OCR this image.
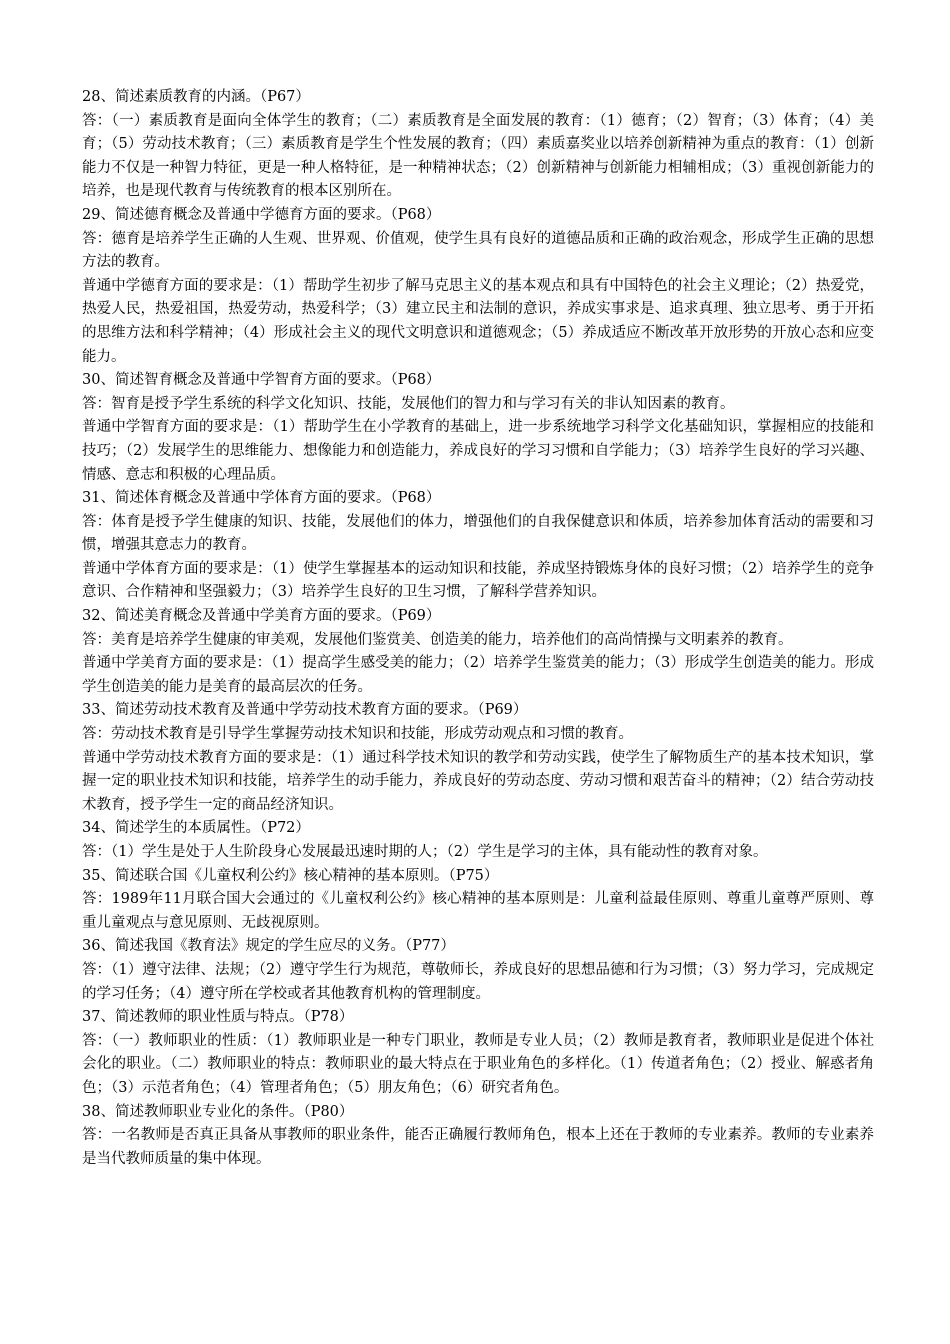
28、简述素质教育的内涵。（P67）

答：（一）素质教育是面向全体学生的教育；（二）素质教育是全面发展的教育：（1）德育；（2）智育；（3）体育；（4）美育；（5）劳动技术教育；（三）素质教育是学生个性发展的教育；（四）素质嘉奖业以培养创新精神为重点的教育：（1）创新能力不仅是一种智力特征，更是一种人格特征，是一种精神状态；（2）创新精神与创新能力相辅相成；（3）重视创新能力的培养，也是现代教育与传统教育的根本区别所在。

29、简述德育概念及普通中学德育方面的要求。（P68）

答：德育是培养学生正确的人生观、世界观、价值观，使学生具有良好的道德品质和正确的政治观念，形成学生正确的思想方法的教育。

普通中学德育方面的要求是：（1）帮助学生初步了解马克思主义的基本观点和具有中国特色的社会主义理论；（2）热爱党，热爱人民，热爱祖国，热爱劳动，热爱科学；（3）建立民主和法制的意识，养成实事求是、追求真理、独立思考、勇于开拓的思维方法和科学精神；（4）形成社会主义的现代文明意识和道德观念；（5）养成适应不断改革开放形势的开放心态和应变能力。

30、简述智育概念及普通中学智育方面的要求。（P68）

答：智育是授予学生系统的科学文化知识、技能，发展他们的智力和与学习有关的非认知因素的教育。

普通中学智育方面的要求是：（1）帮助学生在小学教育的基础上，进一步系统地学习科学文化基础知识，掌握相应的技能和技巧；（2）发展学生的思维能力、想像能力和创造能力，养成良好的学习习惯和自学能力；（3）培养学生良好的学习兴趣、情感、意志和积极的心理品质。

31、简述体育概念及普通中学体育方面的要求。（P68）

答：体育是授予学生健康的知识、技能，发展他们的体力，增强他们的自我保健意识和体质，培养参加体育活动的需要和习惯，增强其意志力的教育。

普通中学体育方面的要求是：（1）使学生掌握基本的运动知识和技能，养成坚持锻炼身体的良好习惯；（2）培养学生的竞争意识、合作精神和坚强毅力；（3）培养学生良好的卫生习惯，了解科学营养知识。

32、简述美育概念及普通中学美育方面的要求。（P69）

答：美育是培养学生健康的审美观，发展他们鉴赏美、创造美的能力，培养他们的高尚情操与文明素养的教育。

普通中学美育方面的要求是：（1）提高学生感受美的能力；（2）培养学生鉴赏美的能力；（3）形成学生创造美的能力。形成学生创造美的能力是美育的最高层次的任务。

33、简述劳动技术教育及普通中学劳动技术教育方面的要求。（P69）

答：劳动技术教育是引导学生掌握劳动技术知识和技能，形成劳动观点和习惯的教育。

普通中学劳动技术教育方面的要求是：（1）通过科学技术知识的教学和劳动实践，使学生了解物质生产的基本技术知识，掌握一定的职业技术知识和技能，培养学生的动手能力，养成良好的劳动态度、劳动习惯和艰苦奋斗的精神；（2）结合劳动技术教育，授予学生一定的商品经济知识。

34、简述学生的本质属性。（P72）

答：（1）学生是处于人生阶段身心发展最迅速时期的人；（2）学生是学习的主体，具有能动性的教育对象。

35、简述联合国《儿童权利公约》核心精神的基本原则。（P75）

答：1989年11月联合国大会通过的《儿童权利公约》核心精神的基本原则是：儿童利益最佳原则、尊重儿童尊严原则、尊重儿童观点与意见原则、无歧视原则。

36、简述我国《教育法》规定的学生应尽的义务。（P77）

答：（1）遵守法律、法规；（2）遵守学生行为规范，尊敬师长，养成良好的思想品德和行为习惯；（3）努力学习，完成规定的学习任务；（4）遵守所在学校或者其他教育机构的管理制度。

37、简述教师的职业性质与特点。（P78）

答：（一）教师职业的性质：（1）教师职业是一种专门职业，教师是专业人员；（2）教师是教育者，教师职业是促进个体社会化的职业。（二）教师职业的特点：教师职业的最大特点在于职业角色的多样化。（1）传道者角色；（2）授业、解惑者角色；（3）示范者角色；（4）管理者角色；（5）朋友角色；（6）研究者角色。

38、简述教师职业专业化的条件。（P80）

答：一名教师是否真正具备从事教师的职业条件，能否正确履行教师角色，根本上还在于教师的专业素养。教师的专业素养是当代教师质量的集中体现。
